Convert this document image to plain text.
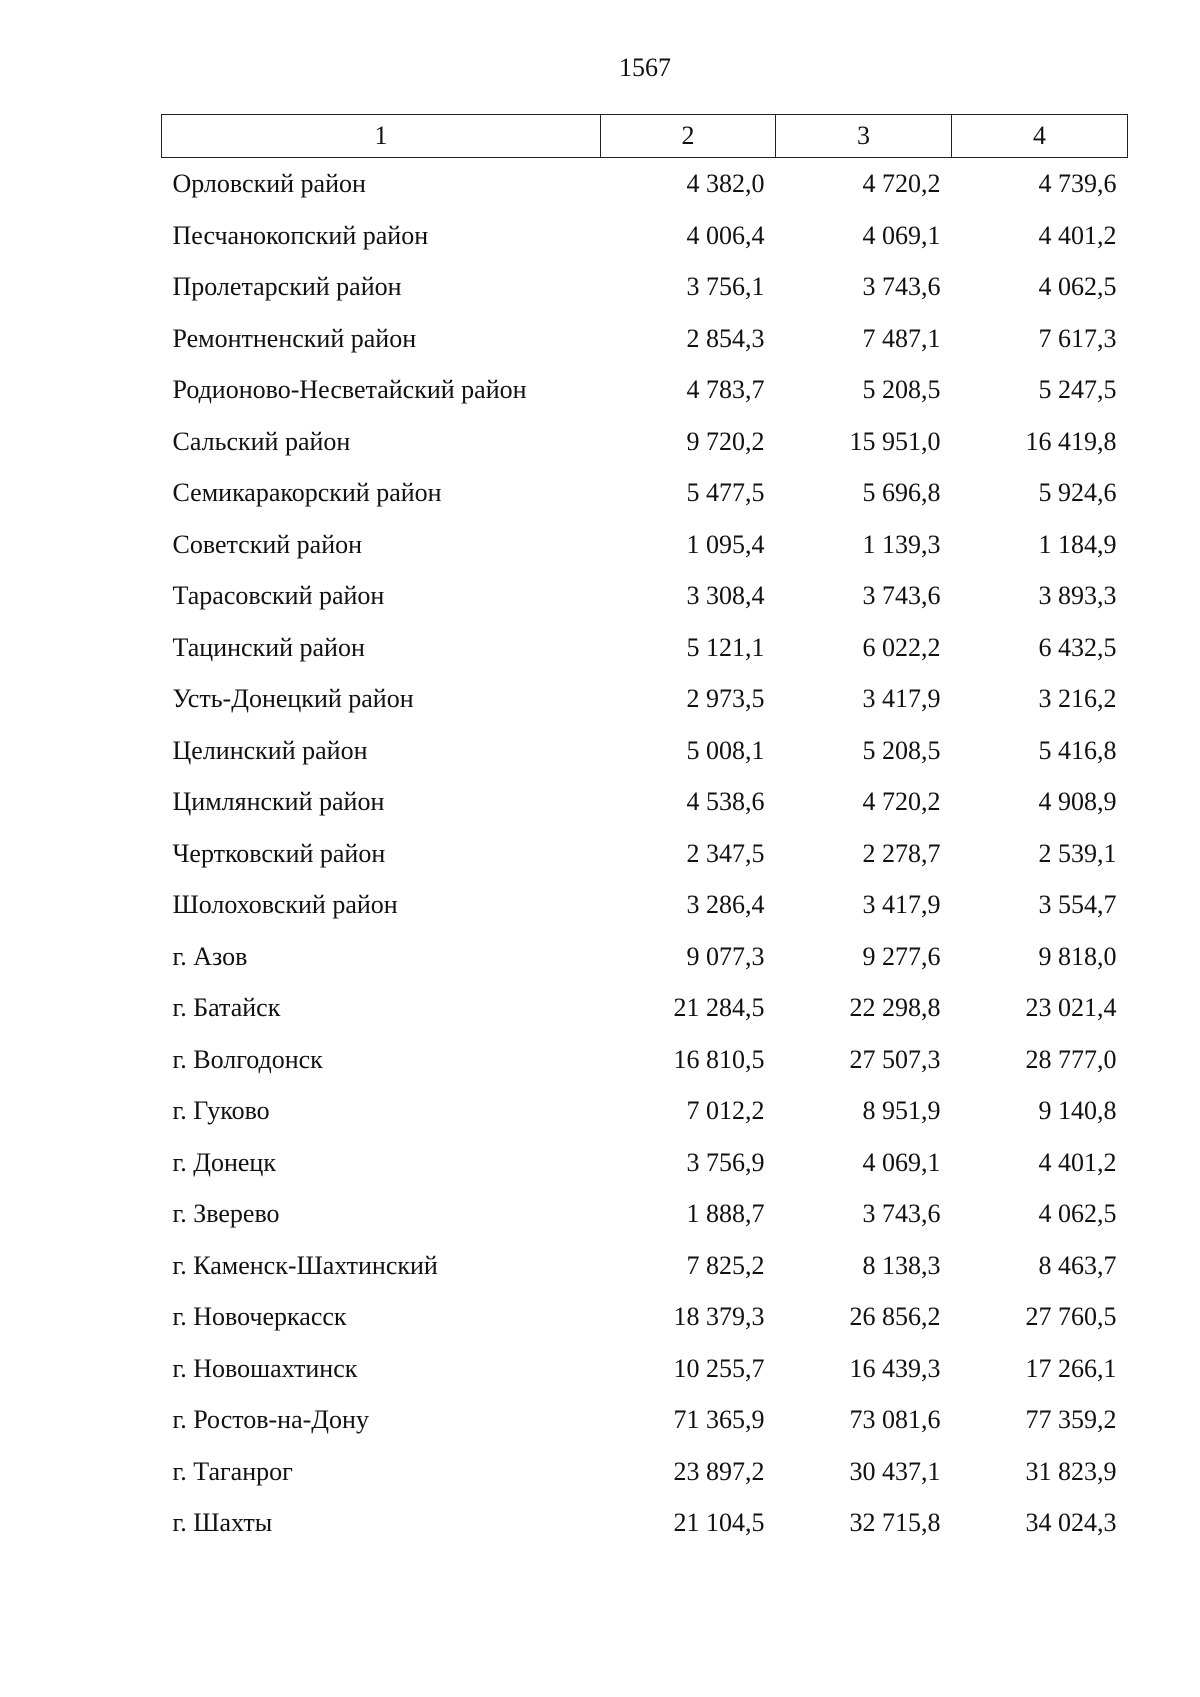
1567
1	2	3	4
Орловский район	4 382,0	4 720,2	4 739,6
Песчанокопский район	4 006,4	4 069,1	4 401,2
Пролетарский район	3 756,1	3 743,6	4 062,5
Ремонтненский район	2 854,3	7 487,1	7 617,3
Родионово-Несветайский район	4 783,7	5 208,5	5 247,5
Сальский район	9 720,2	15 951,0	16 419,8
Семикаракорский район	5 477,5	5 696,8	5 924,6
Советский район	1 095,4	1 139,3	1 184,9
Тарасовский район	3 308,4	3 743,6	3 893,3
Тацинский район	5 121,1	6 022,2	6 432,5
Усть-Донецкий район	2 973,5	3 417,9	3 216,2
Целинский район	5 008,1	5 208,5	5 416,8
Цимлянский район	4 538,6	4 720,2	4 908,9
Чертковский район	2 347,5	2 278,7	2 539,1
Шолоховский район	3 286,4	3 417,9	3 554,7
г. Азов	9 077,3	9 277,6	9 818,0
г. Батайск	21 284,5	22 298,8	23 021,4
г. Волгодонск	16 810,5	27 507,3	28 777,0
г. Гуково	7 012,2	8 951,9	9 140,8
г. Донецк	3 756,9	4 069,1	4 401,2
г. Зверево	1 888,7	3 743,6	4 062,5
г. Каменск-Шахтинский	7 825,2	8 138,3	8 463,7
г. Новочеркасск	18 379,3	26 856,2	27 760,5
г. Новошахтинск	10 255,7	16 439,3	17 266,1
г. Ростов-на-Дону	71 365,9	73 081,6	77 359,2
г. Таганрог	23 897,2	30 437,1	31 823,9
г. Шахты	21 104,5	32 715,8	34 024,3
